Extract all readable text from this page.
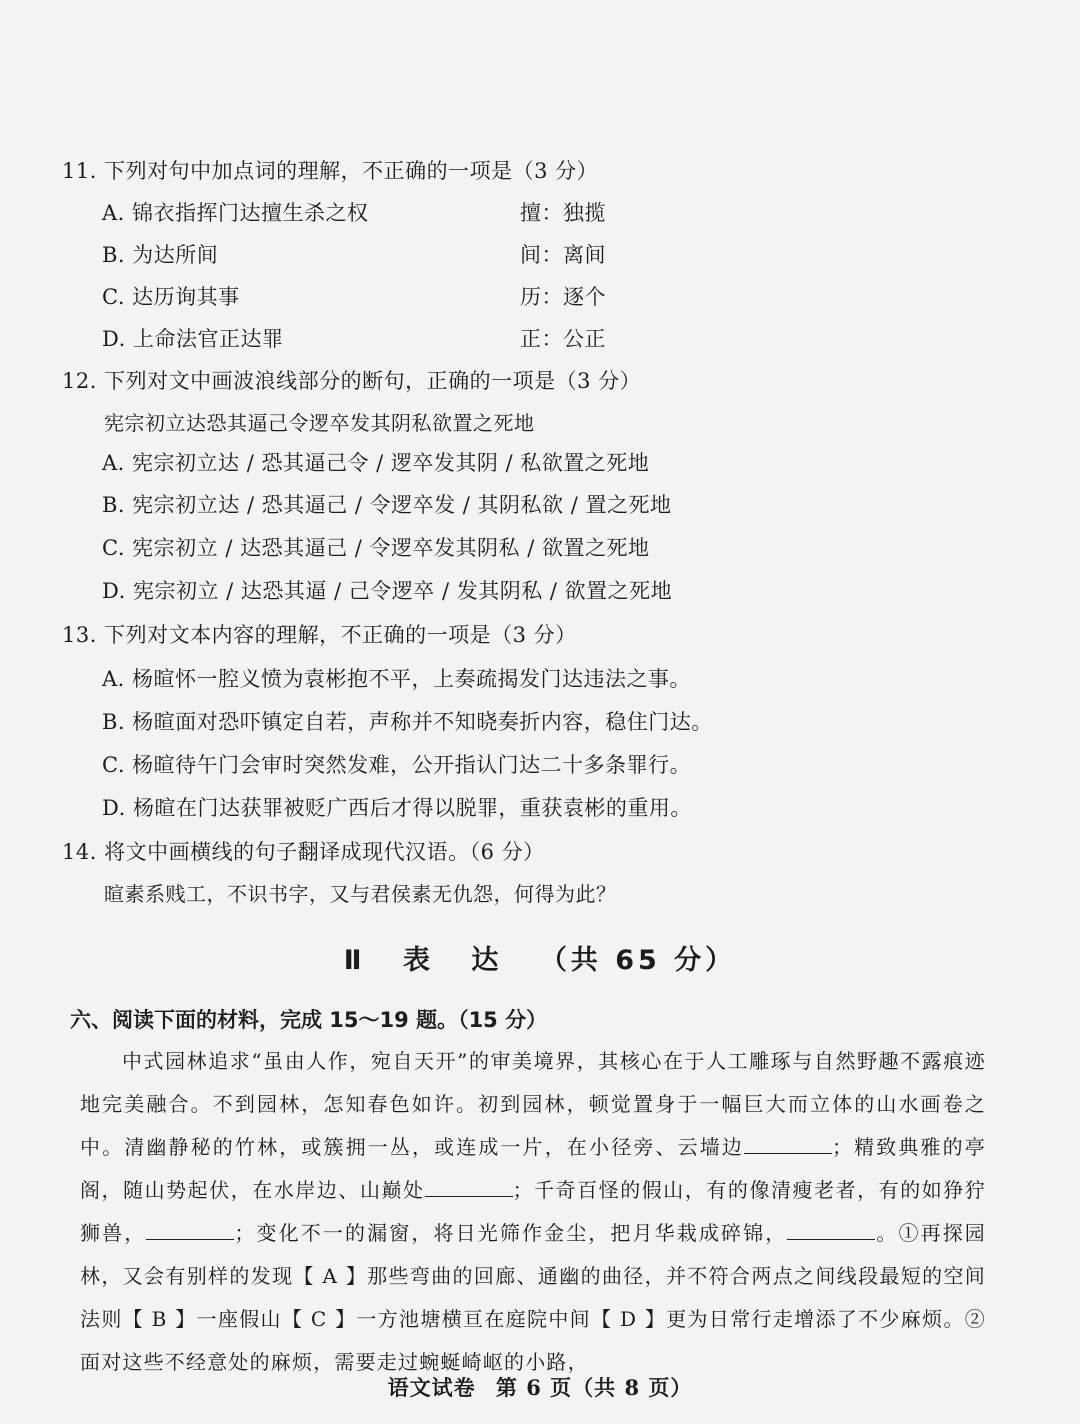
11. 下列对句中加点词的理解，不正确的一项是（3 分）
A. 锦衣指挥门达擅生杀之权	擅：独揽
B. 为达所间	间：离间
C. 达历询其事	历：逐个
D. 上命法官正达罪	正：公正
12. 下列对文中画波浪线部分的断句，正确的一项是（3 分）
宪宗初立达恐其逼己令逻卒发其阴私欲置之死地
A. 宪宗初立达 / 恐其逼己令 / 逻卒发其阴 / 私欲置之死地
B. 宪宗初立达 / 恐其逼己 / 令逻卒发 / 其阴私欲 / 置之死地
C. 宪宗初立 / 达恐其逼己 / 令逻卒发其阴私 / 欲置之死地
D. 宪宗初立 / 达恐其逼 / 己令逻卒 / 发其阴私 / 欲置之死地
13. 下列对文本内容的理解，不正确的一项是（3 分）
A. 杨暄怀一腔义愤为袁彬抱不平，上奏疏揭发门达违法之事。
B. 杨暄面对恐吓镇定自若，声称并不知晓奏折内容，稳住门达。
C. 杨暄待午门会审时突然发难，公开指认门达二十多条罪行。
D. 杨暄在门达获罪被贬广西后才得以脱罪，重获袁彬的重用。
14. 将文中画横线的句子翻译成现代汉语。（6 分）
暄素系贱工，不识书字，又与君侯素无仇怨，何得为此？
Ⅱ 表 达 （共 65 分）
六、阅读下面的材料，完成 15～19 题。（15 分）
中式园林追求“虽由人作，宛自天开”的审美境界，其核心在于人工雕琢与自然野趣不露痕迹地完美融合。不到园林，怎知春色如许。初到园林，顿觉置身于一幅巨大而立体的山水画卷之中。清幽静秘的竹林，或簇拥一丛，或连成一片，在小径旁、云墙边	；精致典雅的亭阁，随山势起伏，在水岸边、山巅处	；千奇百怪的假山，有的像清瘦老者，有的如狰狞狮兽，	；变化不一的漏窗，将日光筛作金尘，把月华栽成碎锦，	。①再探园林，又会有别样的发现【 A 】那些弯曲的回廊、通幽的曲径，并不符合两点之间线段最短的空间法则【 B 】一座假山【 C 】一方池塘横亘在庭院中间【 D 】更为日常行走增添了不少麻烦。②面对这些不经意处的麻烦，需要走过蜿蜒崎岖的小路，
语文试卷 第 6 页（共 8 页）
